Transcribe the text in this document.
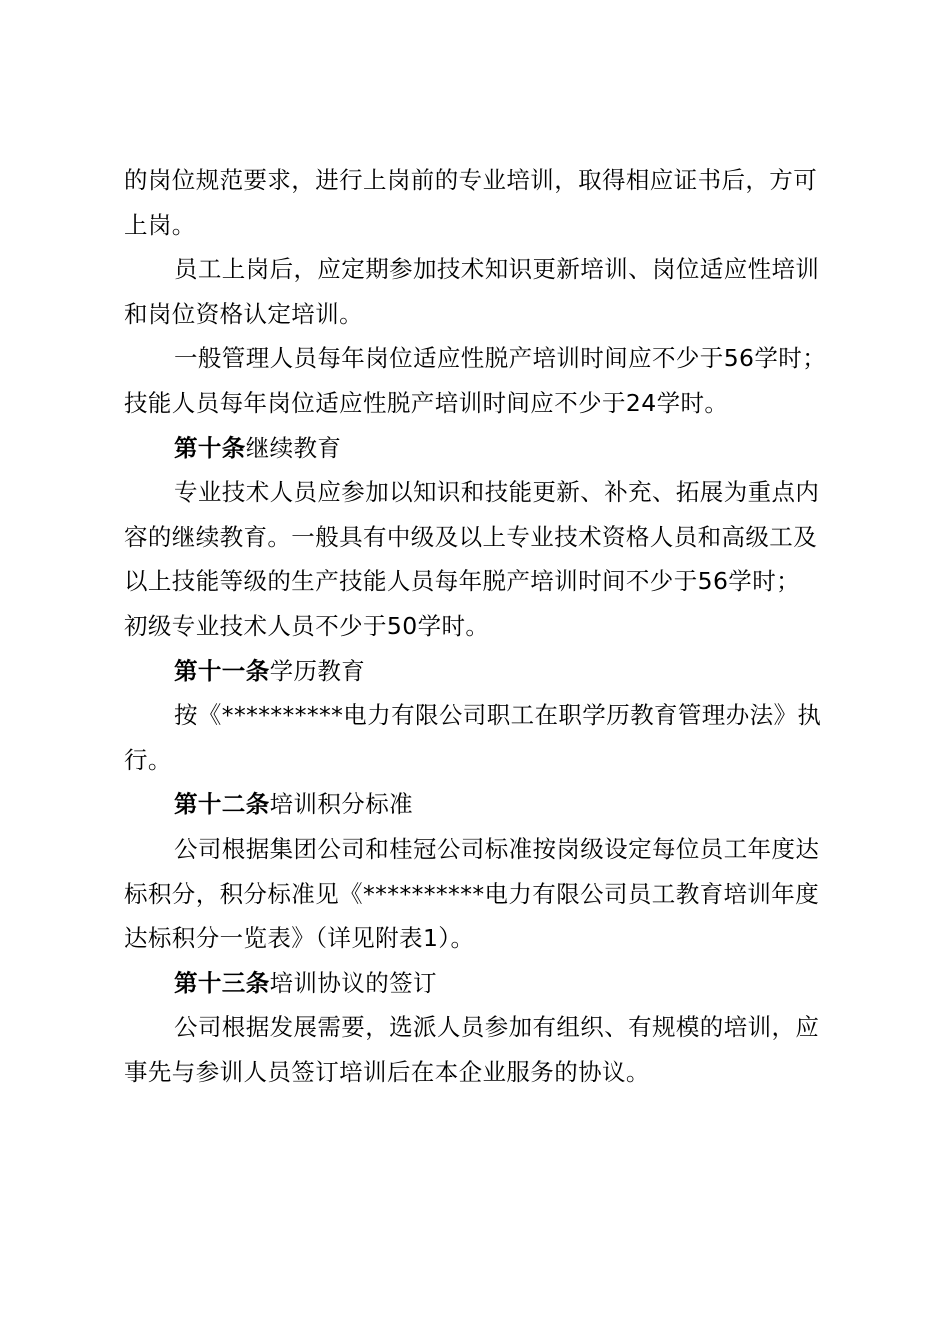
的岗位规范要求，进行上岗前的专业培训，取得相应证书后，方可
上岗。

员工上岗后，应定期参加技术知识更新培训、岗位适应性培训
和岗位资格认定培训。

一般管理人员每年岗位适应性脱产培训时间应不少于56学时；
技能人员每年岗位适应性脱产培训时间应不少于24学时。

第十条继续教育

专业技术人员应参加以知识和技能更新、补充、拓展为重点内
容的继续教育。一般具有中级及以上专业技术资格人员和高级工及
以上技能等级的生产技能人员每年脱产培训时间不少于56学时；
初级专业技术人员不少于50学时。

第十一条学历教育

按《**********电力有限公司职工在职学历教育管理办法》执
行。

第十二条培训积分标准

公司根据集团公司和桂冠公司标准按岗级设定每位员工年度达
标积分，积分标准见《**********电力有限公司员工教育培训年度
达标积分一览表》（详见附表1）。

第十三条培训协议的签订

公司根据发展需要，选派人员参加有组织、有规模的培训，应
事先与参训人员签订培训后在本企业服务的协议。
